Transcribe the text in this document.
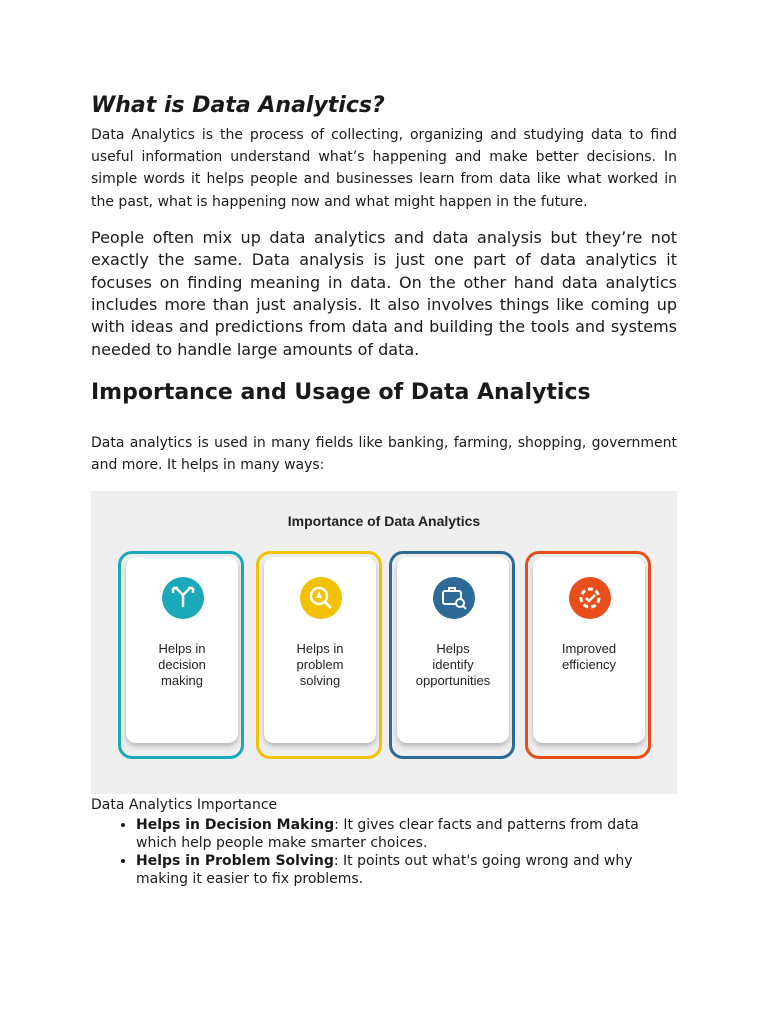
What is Data Analytics?

Data Analytics is the process of collecting, organizing and studying data to find useful information understand what’s happening and make better decisions. In simple words it helps people and businesses learn from data like what worked in the past, what is happening now and what might happen in the future.

People often mix up data analytics and data analysis but they’re not exactly the same. Data analysis is just one part of data analytics it focuses on finding meaning in data. On the other hand data analytics includes more than just analysis. It also involves things like coming up with ideas and predictions from data and building the tools and systems needed to handle large amounts of data.

Importance and Usage of Data Analytics

Data analytics is used in many fields like banking, farming, shopping, government and more. It helps in many ways:

Importance of Data Analytics
Helps in
decision
making
Helps in
problem
solving
Helps
identify
opportunities
Improved
efficiency
Data Analytics Importance
• Helps in Decision Making: It gives clear facts and patterns from data which help people make smarter choices.
• Helps in Problem Solving: It points out what's going wrong and why making it easier to fix problems.
